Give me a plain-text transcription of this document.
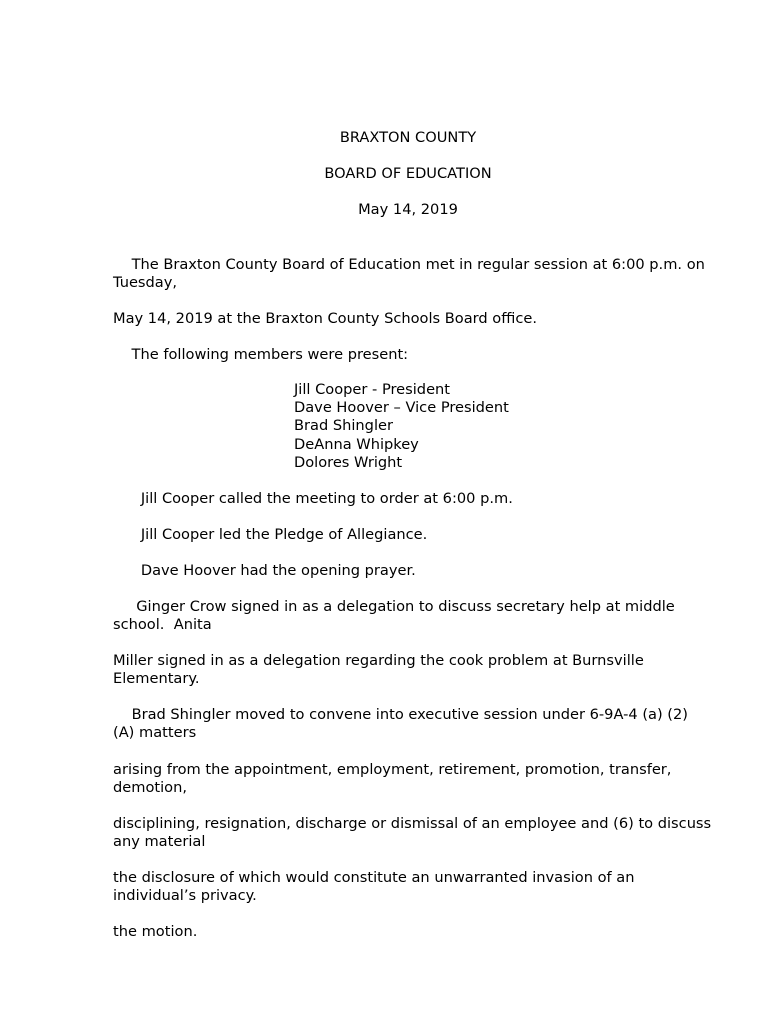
BRAXTON COUNTY
BOARD OF EDUCATION
May 14, 2019
The Braxton County Board of Education met in regular session at 6:00 p.m. on Tuesday,
May 14, 2019 at the Braxton County Schools Board office.
The following members were present:
Jill Cooper - President
Dave Hoover – Vice President
Brad Shingler
DeAnna Whipkey
Dolores Wright
Jill Cooper called the meeting to order at 6:00 p.m.
Jill Cooper led the Pledge of Allegiance.
Dave Hoover had the opening prayer.
Ginger Crow signed in as a delegation to discuss secretary help at middle school.  Anita
Miller signed in as a delegation regarding the cook problem at Burnsville Elementary.
Brad Shingler moved to convene into executive session under 6-9A-4 (a) (2) (A) matters
arising from the appointment, employment, retirement, promotion, transfer, demotion,
disciplining, resignation, discharge or dismissal of an employee and (6) to discuss any material
the disclosure of which would constitute an unwarranted invasion of an individual’s privacy.
the motion.
